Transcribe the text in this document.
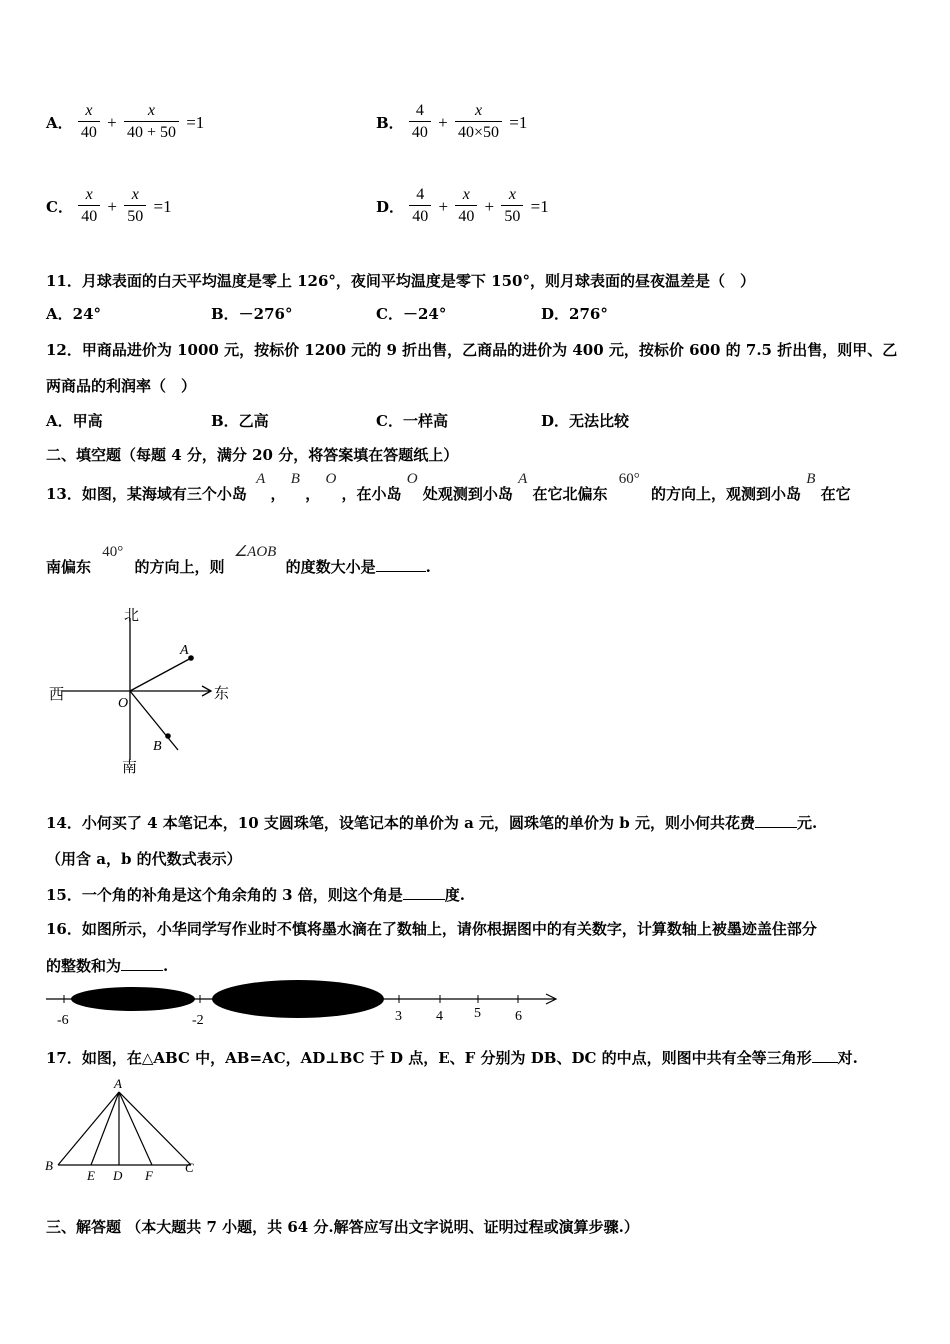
A． $\frac{x}{40} + \frac{x}{40 + 50} =1$	B． $\frac{4}{40} + \frac{x}{40\times 50} =1$
C． $\frac{x}{40} + \frac{x}{50} =1$	D． $\frac{4}{40} + \frac{x}{40} + \frac{x}{50} =1$
11．月球表面的白天平均温度是零上 126°，夜间平均温度是零下 150°，则月球表面的昼夜温差是（　）
A．24°	B．－276°	C．－24°	D．276°
12．甲商品进价为 1000 元，按标价 1200 元的 9 折出售，乙商品的进价为 400 元，按标价 600 的 7.5 折出售，则甲、乙
两商品的利润率（　）
A．甲高	B．乙高	C．一样高	D．无法比较
二、填空题（每题 4 分，满分 20 分，将答案填在答题纸上）
13．如图，某海域有三个小岛 A ， B ， O ，在小岛 O 处观测到小岛 A 在它北偏东 60° 的方向上，观测到小岛 B 在它
南偏东 40° 的方向上，则 ∠AOB 的度数大小是	.
北
南
西	东
O
A
B
14．小何买了 4 本笔记本，10 支圆珠笔，设笔记本的单价为 a 元，圆珠笔的单价为 b 元，则小何共花费	元.
（用含 a，b 的代数式表示）
15．一个角的补角是这个角余角的 3 倍，则这个角是	度.
16．如图所示，小华同学写作业时不慎将墨水滴在了数轴上，请你根据图中的有关数字，计算数轴上被墨迹盖住部分
的整数和为	.
-6	-2	3 4 5 6
17．如图，在△ABC 中，AB=AC，AD⊥BC 于 D 点，E、F 分别为 DB、DC 的中点，则图中共有全等三角形 对.
A
B	C
D
E	F
三、解答题 （本大题共 7 小题，共 64 分.解答应写出文字说明、证明过程或演算步骤.）
